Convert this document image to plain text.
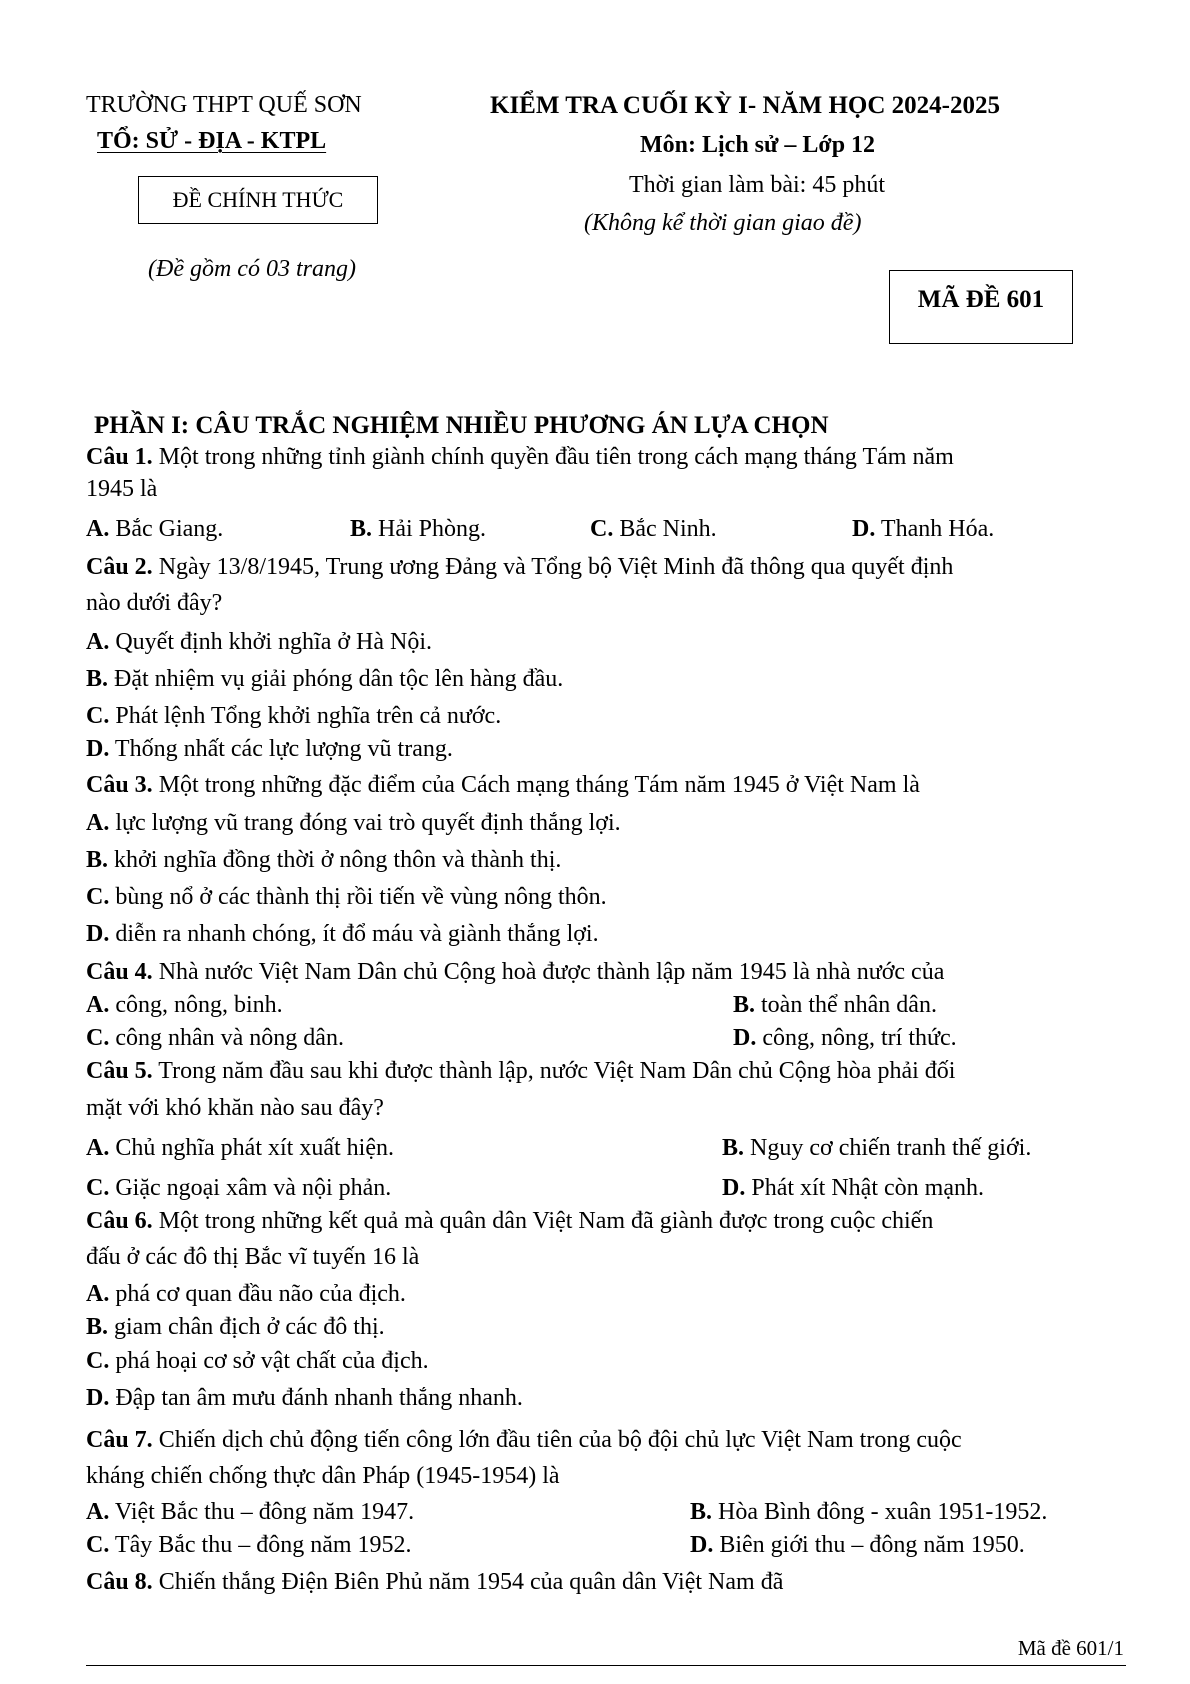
TRƯỜNG THPT QUẾ SƠN
TỔ: SỬ - ĐỊA - KTPL
KIỂM TRA CUỐI KỲ I- NĂM HỌC 2024-2025
Môn: Lịch sử – Lớp 12
Thời gian làm bài: 45 phút
(Không kể thời gian giao đề)
ĐỀ CHÍNH THỨC
(Đề gồm có 03 trang)
MÃ ĐỀ 601
PHẦN I: CÂU TRẮC NGHIỆM NHIỀU PHƯƠNG ÁN LỰA CHỌN
Câu 1. Một trong những tỉnh giành chính quyền đầu tiên trong cách mạng tháng Tám năm
1945 là
A. Bắc Giang.	B. Hải Phòng.	C. Bắc Ninh.	D. Thanh Hóa.
Câu 2. Ngày 13/8/1945, Trung ương Đảng và Tổng bộ Việt Minh đã thông qua quyết định
nào dưới đây?
A. Quyết định khởi nghĩa ở Hà Nội.
B. Đặt nhiệm vụ giải phóng dân tộc lên hàng đầu.
C. Phát lệnh Tổng khởi nghĩa trên cả nước.
D. Thống nhất các lực lượng vũ trang.
Câu 3. Một trong những đặc điểm của Cách mạng tháng Tám năm 1945 ở Việt Nam là
A. lực lượng vũ trang đóng vai trò quyết định thắng lợi.
B. khởi nghĩa đồng thời ở nông thôn và thành thị.
C. bùng nổ ở các thành thị rồi tiến về vùng nông thôn.
D. diễn ra nhanh chóng, ít đổ máu và giành thắng lợi.
Câu 4. Nhà nước Việt Nam Dân chủ Cộng hoà được thành lập năm 1945 là nhà nước của
A. công, nông, binh.	B. toàn thể nhân dân.
C. công nhân và nông dân.	D. công, nông, trí thức.
Câu 5. Trong năm đầu sau khi được thành lập, nước Việt Nam Dân chủ Cộng hòa phải đối
mặt với khó khăn nào sau đây?
A. Chủ nghĩa phát xít xuất hiện.	B. Nguy cơ chiến tranh thế giới.
C. Giặc ngoại xâm và nội phản.	D. Phát xít Nhật còn mạnh.
Câu 6. Một trong những kết quả mà quân dân Việt Nam đã giành được trong cuộc chiến
đấu ở các đô thị Bắc vĩ tuyến 16 là
A. phá cơ quan đầu não của địch.
B. giam chân địch ở các đô thị.
C. phá hoại cơ sở vật chất của địch.
D. Đập tan âm mưu đánh nhanh thắng nhanh.
Câu 7. Chiến dịch chủ động tiến công lớn đầu tiên của bộ đội chủ lực Việt Nam trong cuộc
kháng chiến chống thực dân Pháp (1945-1954) là
A. Việt Bắc thu – đông năm 1947.	B. Hòa Bình đông - xuân 1951-1952.
C. Tây Bắc thu – đông năm 1952.	D. Biên giới thu – đông năm 1950.
Câu 8. Chiến thắng Điện Biên Phủ năm 1954 của quân dân Việt Nam đã
Mã đề 601/1
